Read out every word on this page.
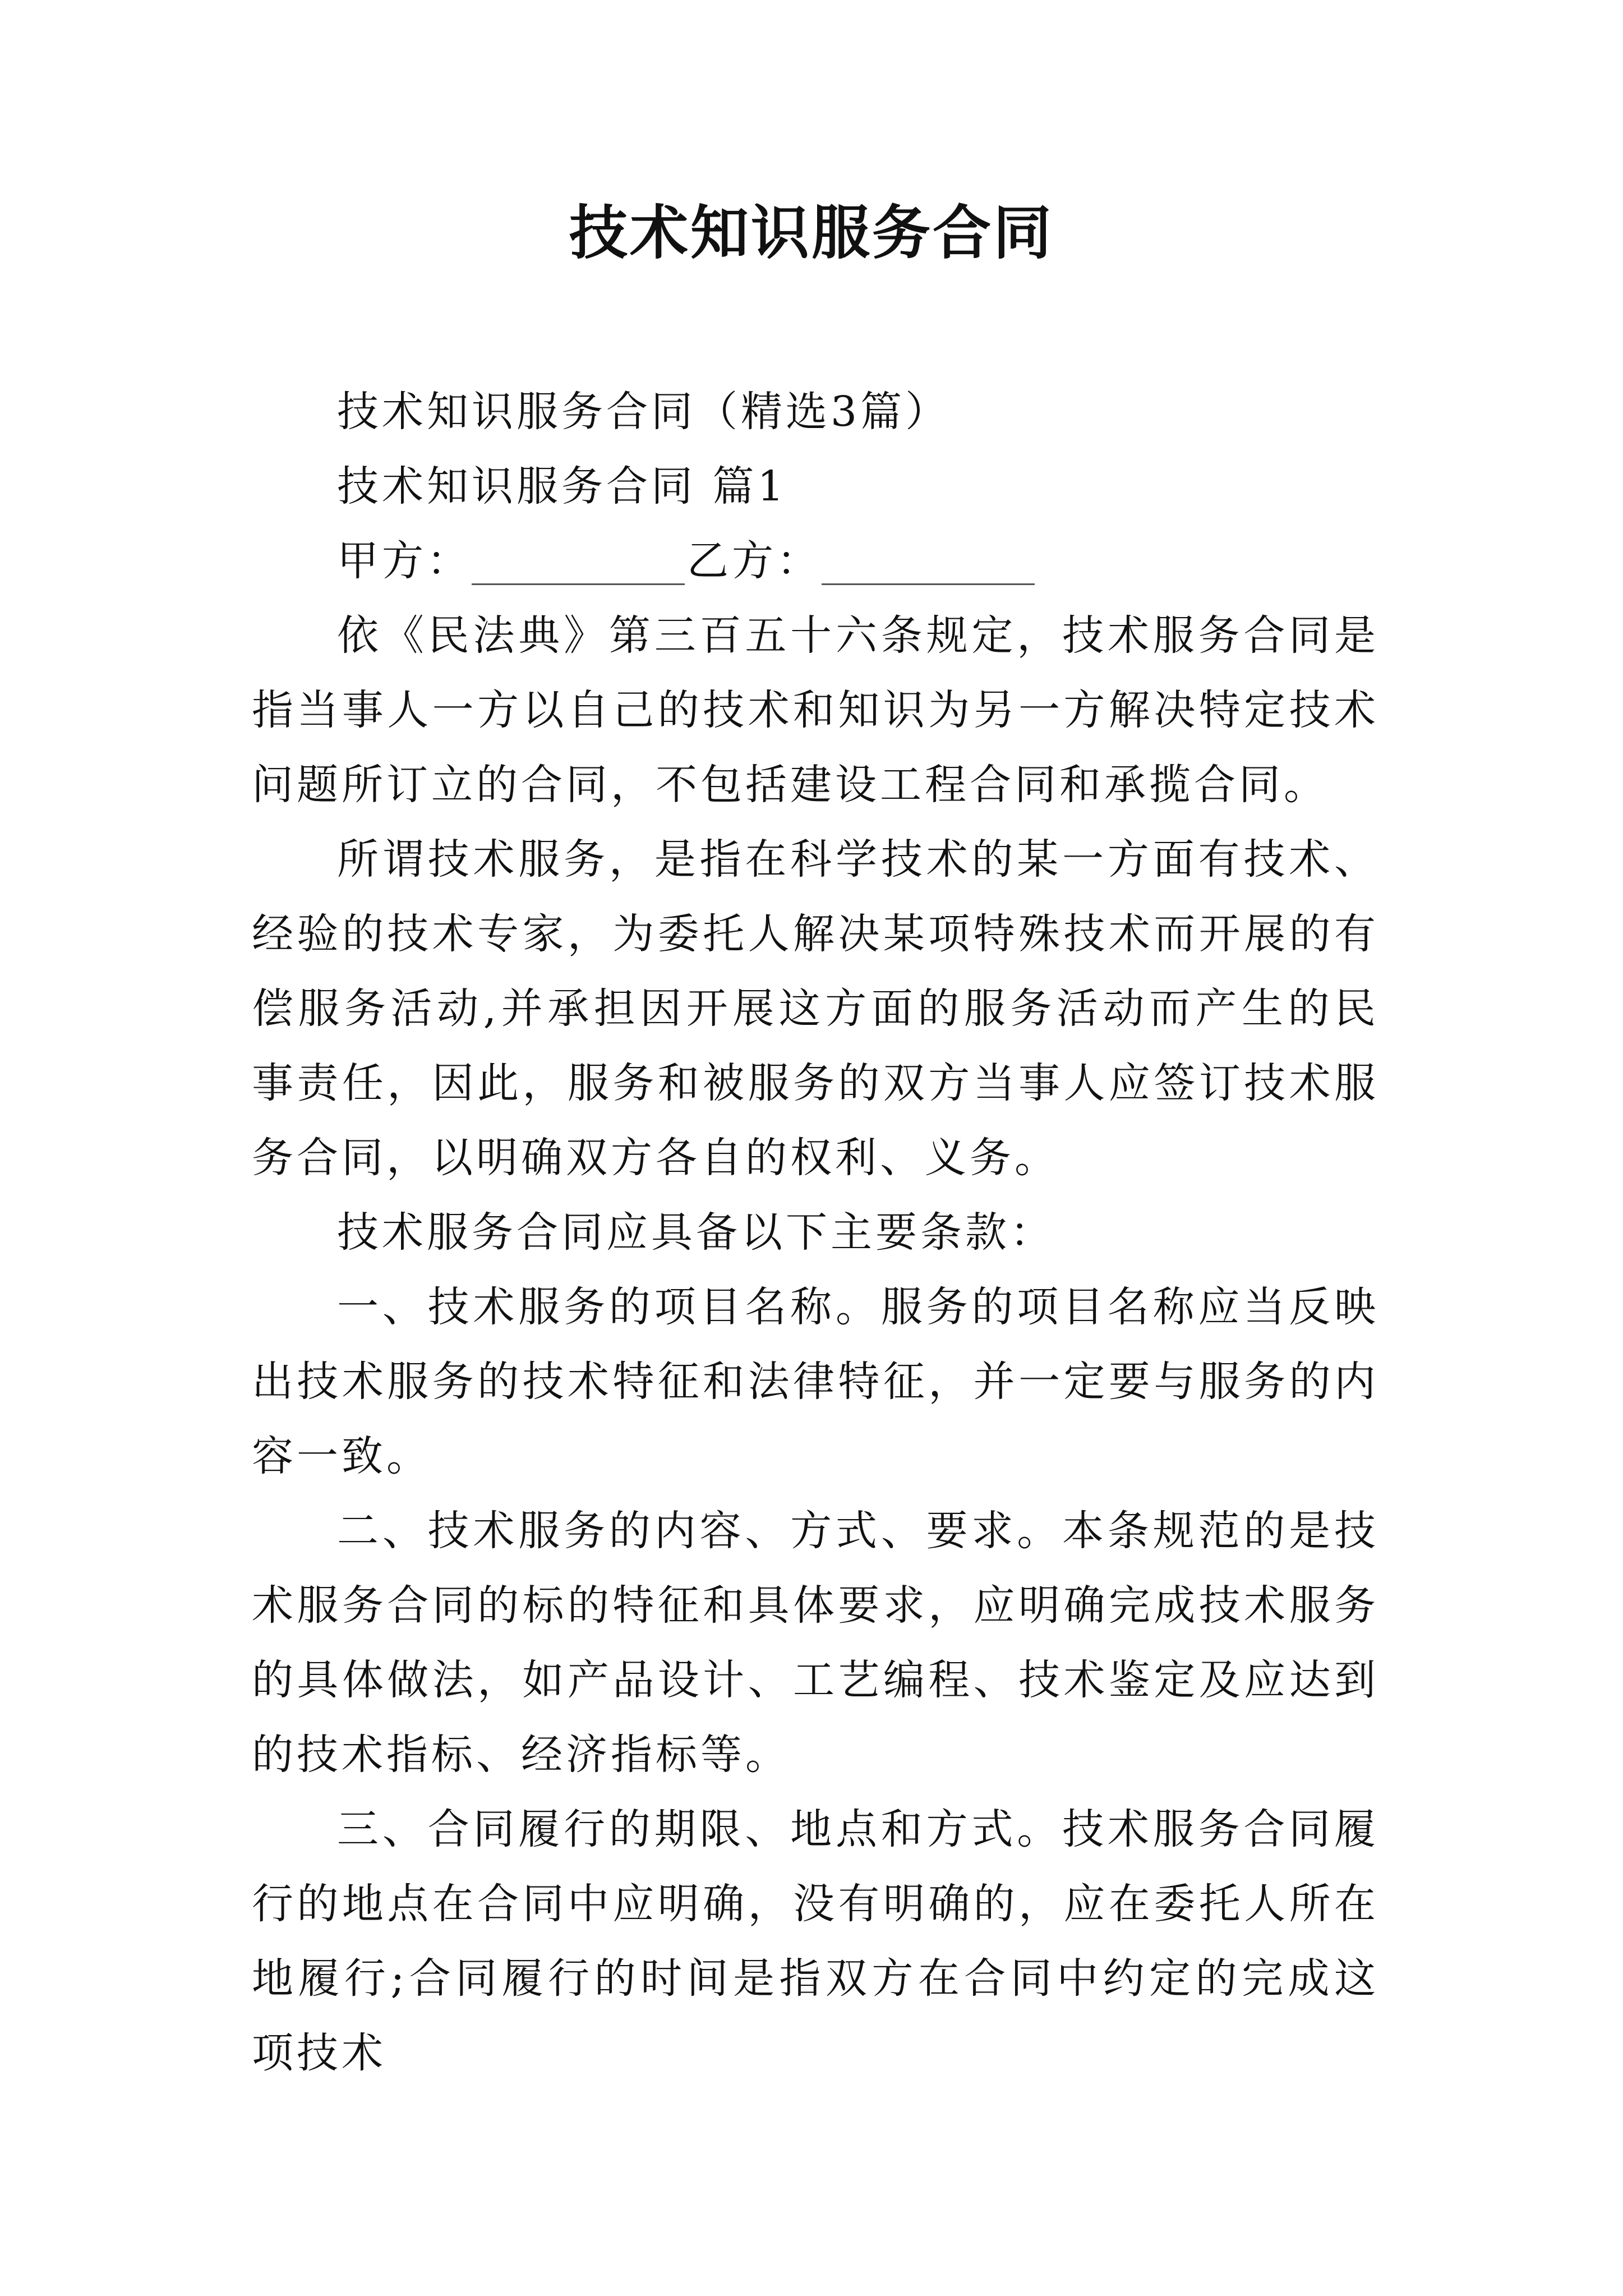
技术知识服务合同

技术知识服务合同（精选3篇）

技术知识服务合同 篇1

甲方：	乙方：

依《民法典》第三百五十六条规定，技术服务合同是指当事人一方以自己的技术和知识为另一方解决特定技术问题所订立的合同，不包括建设工程合同和承揽合同。

所谓技术服务，是指在科学技术的某一方面有技术、经验的技术专家，为委托人解决某项特殊技术而开展的有偿服务活动,并承担因开展这方面的服务活动而产生的民事责任，因此，服务和被服务的双方当事人应签订技术服务合同，以明确双方各自的权利、义务。

技术服务合同应具备以下主要条款：

一、技术服务的项目名称。服务的项目名称应当反映出技术服务的技术特征和法律特征，并一定要与服务的内容一致。

二、技术服务的内容、方式、要求。本条规范的是技术服务合同的标的特征和具体要求，应明确完成技术服务的具体做法，如产品设计、工艺编程、技术鉴定及应达到的技术指标、经济指标等。

三、合同履行的期限、地点和方式。技术服务合同履行的地点在合同中应明确，没有明确的，应在委托人所在地履行;合同履行的时间是指双方在合同中约定的完成这项技术
